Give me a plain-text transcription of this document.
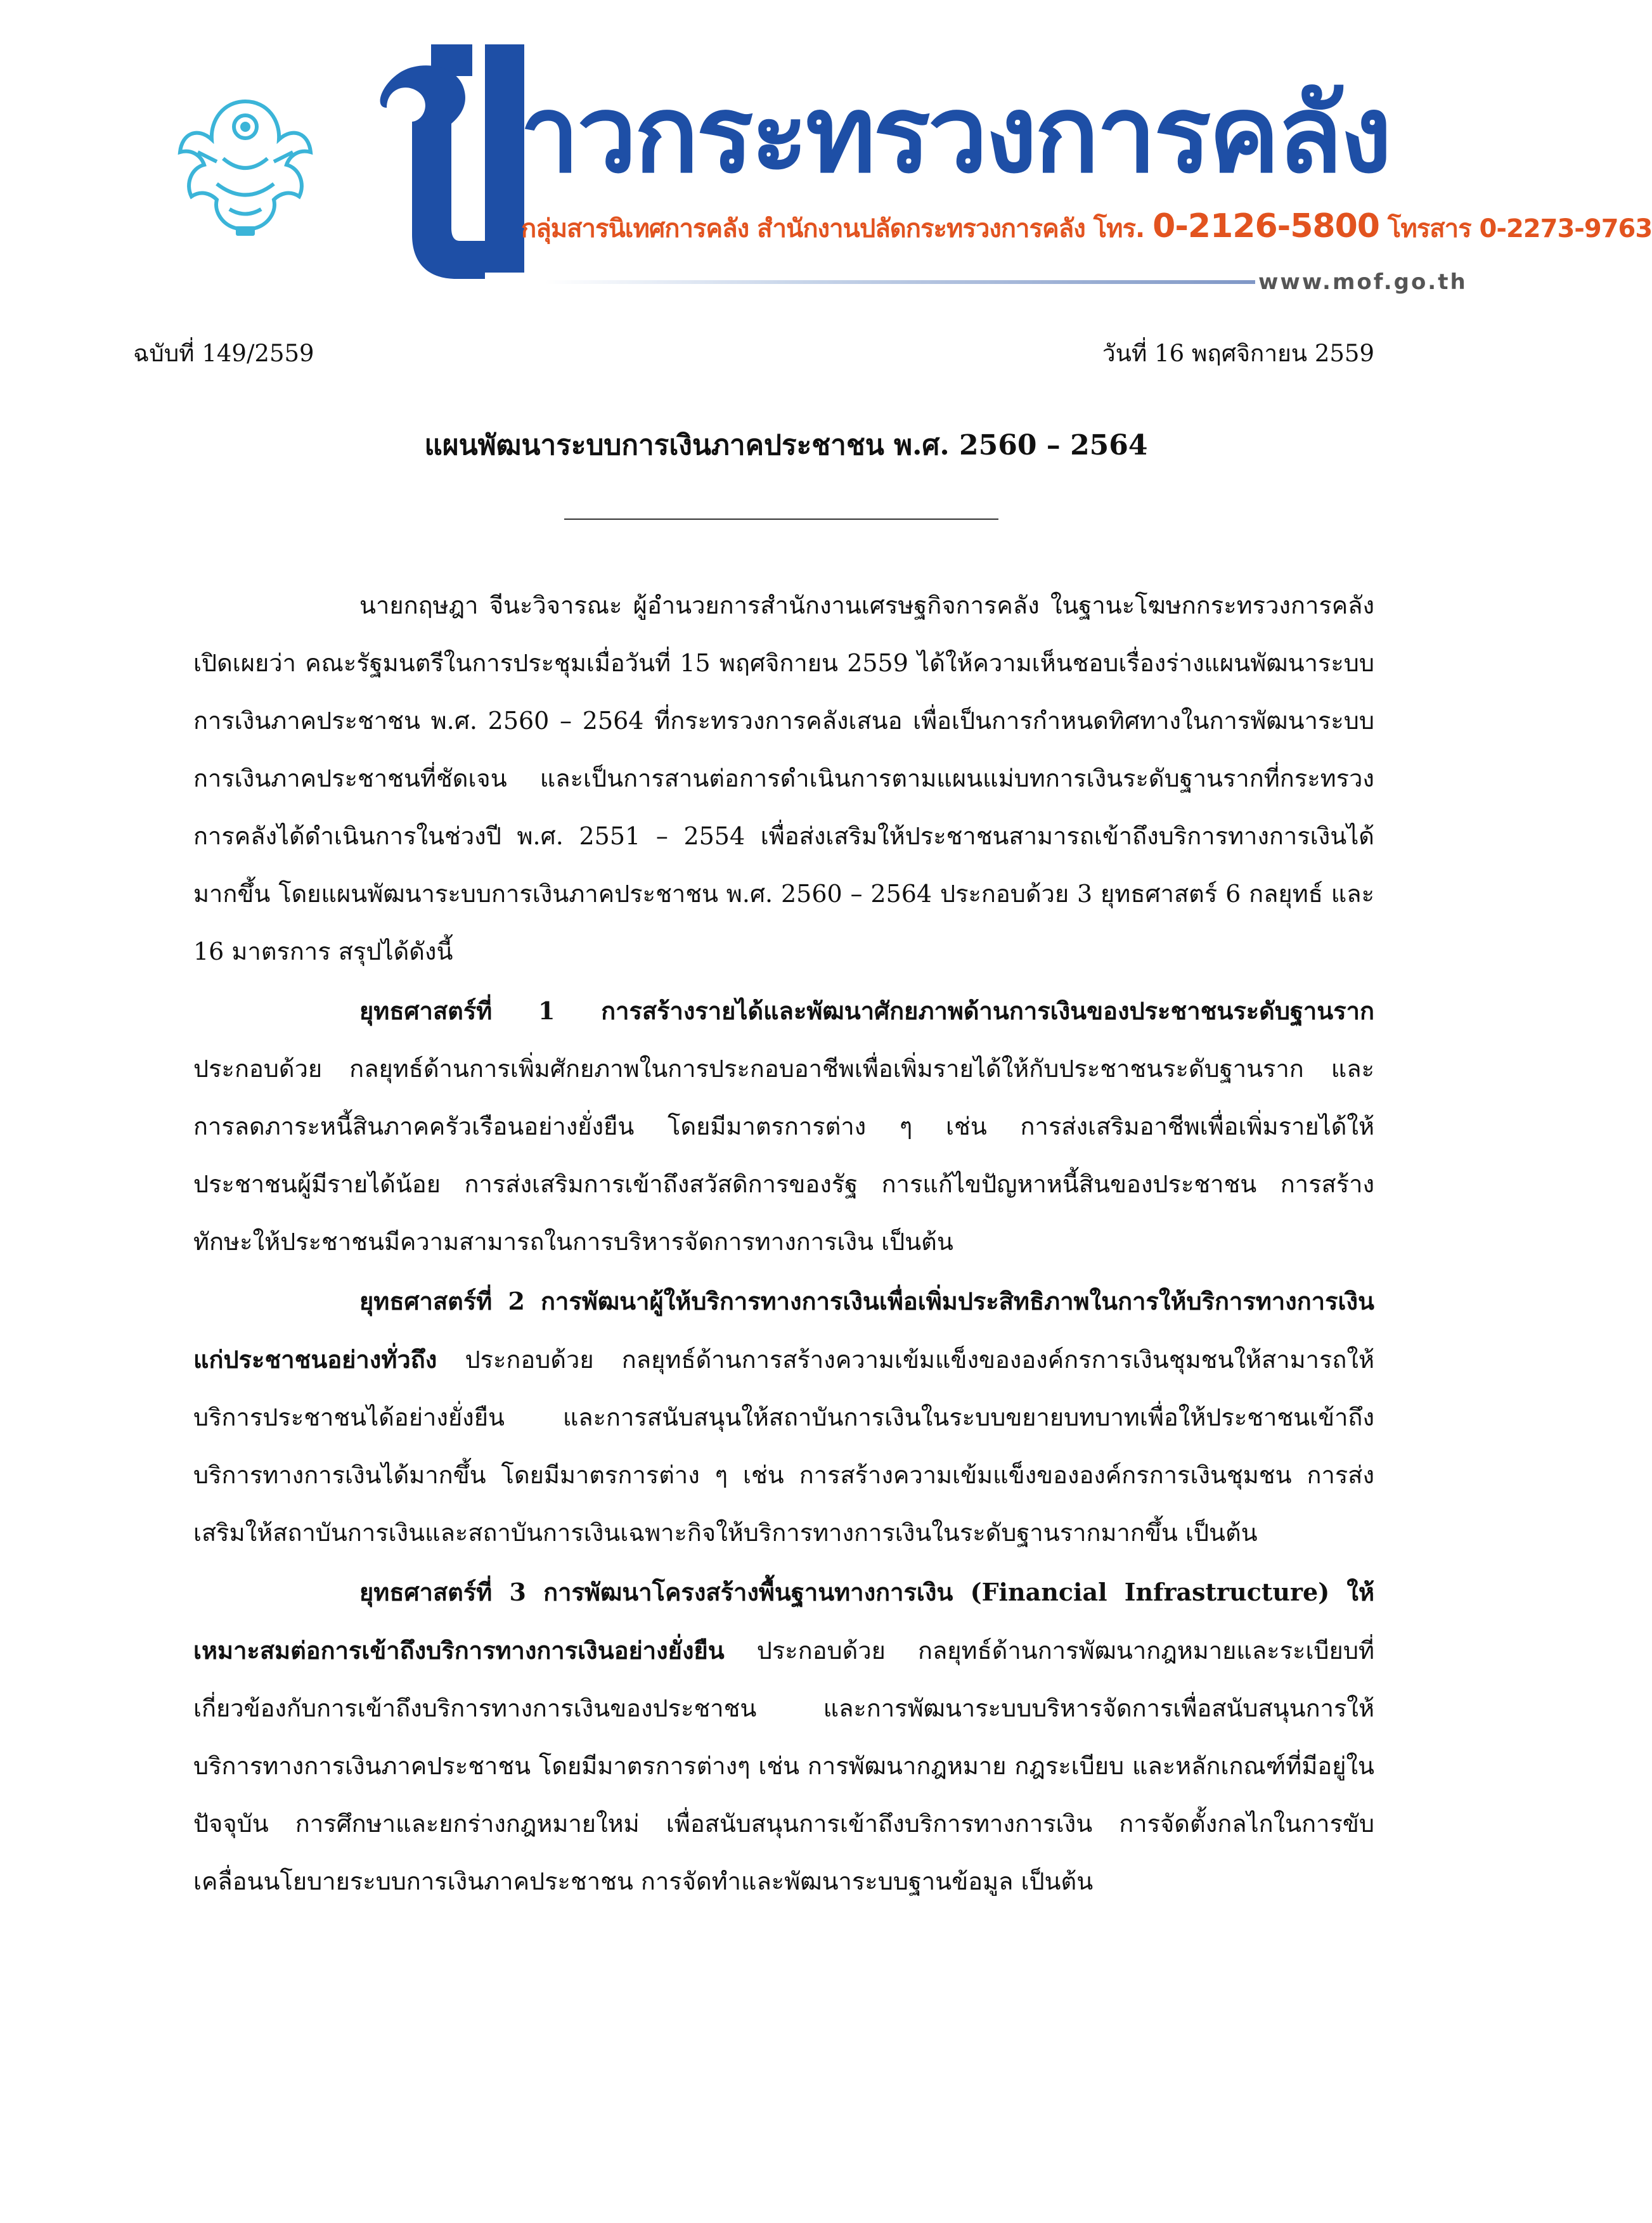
ข่
าวกระทรวงการคลัง
กลุ่มสารนิเทศการคลัง สำนักงานปลัดกระทรวงการคลัง โทร. 0-2126-5800 โทรสาร 0-2273-9763
www.mof.go.th
ฉบับที่ 149/2559	วันที่ 16 พฤศจิกายน 2559
แผนพัฒนาระบบการเงินภาคประชาชน พ.ศ. 2560 – 2564

นายกฤษฎา จีนะวิจารณะ ผู้อำนวยการสำนักงานเศรษฐกิจการคลัง ในฐานะโฆษกกระทรวงการคลัง เปิดเผยว่า คณะรัฐมนตรีในการประชุมเมื่อวันที่ 15 พฤศจิกายน 2559 ได้ให้ความเห็นชอบเรื่องร่างแผนพัฒนาระบบการเงินภาคประชาชน พ.ศ. 2560 – 2564 ที่กระทรวงการคลังเสนอ เพื่อเป็นการกำหนดทิศทางในการพัฒนาระบบการเงินภาคประชาชนที่ชัดเจน และเป็นการสานต่อการดำเนินการตามแผนแม่บทการเงินระดับฐานรากที่กระทรวงการคลังได้ดำเนินการในช่วงปี พ.ศ. 2551 – 2554 เพื่อส่งเสริมให้ประชาชนสามารถเข้าถึงบริการทางการเงินได้มากขึ้น โดยแผนพัฒนาระบบการเงินภาคประชาชน พ.ศ. 2560 – 2564 ประกอบด้วย 3 ยุทธศาสตร์ 6 กลยุทธ์ และ 16 มาตรการ สรุปได้ดังนี้

ยุทธศาสตร์ที่ 1 การสร้างรายได้และพัฒนาศักยภาพด้านการเงินของประชาชนระดับฐานราก ประกอบด้วย กลยุทธ์ด้านการเพิ่มศักยภาพในการประกอบอาชีพเพื่อเพิ่มรายได้ให้กับประชาชนระดับฐานราก และการลดภาระหนี้สินภาคครัวเรือนอย่างยั่งยืน โดยมีมาตรการต่าง ๆ เช่น การส่งเสริมอาชีพเพื่อเพิ่มรายได้ให้ประชาชนผู้มีรายได้น้อย การส่งเสริมการเข้าถึงสวัสดิการของรัฐ การแก้ไขปัญหาหนี้สินของประชาชน การสร้างทักษะให้ประชาชนมีความสามารถในการบริหารจัดการทางการเงิน เป็นต้น

ยุทธศาสตร์ที่ 2 การพัฒนาผู้ให้บริการทางการเงินเพื่อเพิ่มประสิทธิภาพในการให้บริการทางการเงินแก่ประชาชนอย่างทั่วถึง ประกอบด้วย กลยุทธ์ด้านการสร้างความเข้มแข็งขององค์กรการเงินชุมชนให้สามารถให้บริการประชาชนได้อย่างยั่งยืน และการสนับสนุนให้สถาบันการเงินในระบบขยายบทบาทเพื่อให้ประชาชนเข้าถึงบริการทางการเงินได้มากขึ้น โดยมีมาตรการต่าง ๆ เช่น การสร้างความเข้มแข็งขององค์กรการเงินชุมชน การส่งเสริมให้สถาบันการเงินและสถาบันการเงินเฉพาะกิจให้บริการทางการเงินในระดับฐานรากมากขึ้น เป็นต้น

ยุทธศาสตร์ที่ 3 การพัฒนาโครงสร้างพื้นฐานทางการเงิน (Financial Infrastructure) ให้เหมาะสมต่อการเข้าถึงบริการทางการเงินอย่างยั่งยืน ประกอบด้วย กลยุทธ์ด้านการพัฒนากฎหมายและระเบียบที่เกี่ยวข้องกับการเข้าถึงบริการทางการเงินของประชาชน และการพัฒนาระบบบริหารจัดการเพื่อสนับสนุนการให้บริการทางการเงินภาคประชาชน โดยมีมาตรการต่างๆ เช่น การพัฒนากฎหมาย กฎระเบียบ และหลักเกณฑ์ที่มีอยู่ในปัจจุบัน การศึกษาและยกร่างกฎหมายใหม่ เพื่อสนับสนุนการเข้าถึงบริการทางการเงิน การจัดตั้งกลไกในการขับเคลื่อนนโยบายระบบการเงินภาคประชาชน การจัดทำและพัฒนาระบบฐานข้อมูล เป็นต้น
